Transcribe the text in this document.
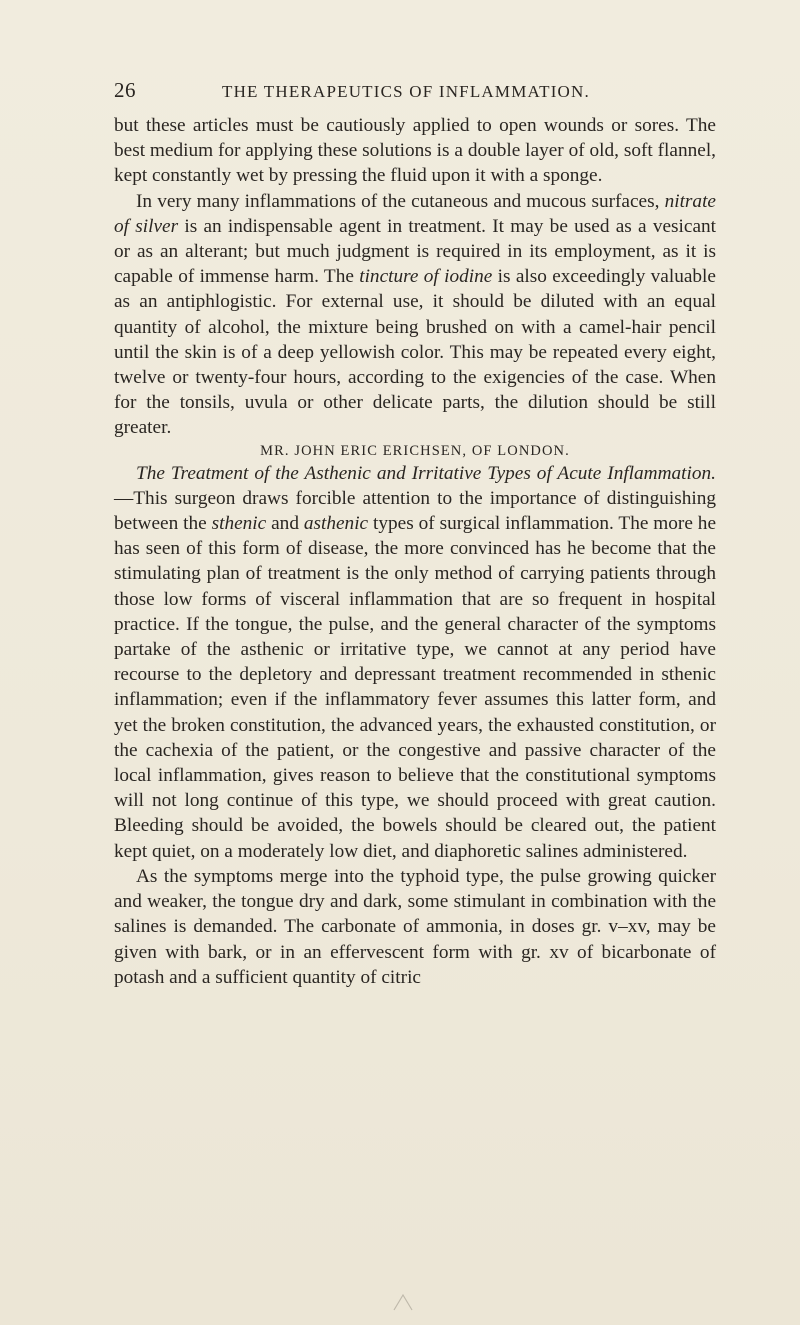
26	THE THERAPEUTICS OF INFLAMMATION.

but these articles must be cautiously applied to open wounds or sores. The best medium for applying these solutions is a double layer of old, soft flannel, kept constantly wet by pressing the fluid upon it with a sponge.

In very many inflammations of the cutaneous and mucous surfaces, nitrate of silver is an indispensable agent in treatment. It may be used as a vesicant or as an alterant; but much judgment is required in its employment, as it is capable of immense harm. The tincture of iodine is also exceedingly valuable as an antiphlogistic. For external use, it should be diluted with an equal quantity of alcohol, the mixture being brushed on with a camel-hair pencil until the skin is of a deep yellowish color. This may be repeated every eight, twelve or twenty-four hours, according to the exigencies of the case. When for the tonsils, uvula or other delicate parts, the dilution should be still greater.

MR. JOHN ERIC ERICHSEN, OF LONDON.

The Treatment of the Asthenic and Irritative Types of Acute Inflammation.—This surgeon draws forcible attention to the importance of distinguishing between the sthenic and asthenic types of surgical inflammation. The more he has seen of this form of disease, the more convinced has he become that the stimulating plan of treatment is the only method of carrying patients through those low forms of visceral inflammation that are so frequent in hospital practice. If the tongue, the pulse, and the general character of the symptoms partake of the asthenic or irritative type, we cannot at any period have recourse to the depletory and depressant treatment recommended in sthenic inflammation; even if the inflammatory fever assumes this latter form, and yet the broken constitution, the advanced years, the exhausted constitution, or the cachexia of the patient, or the congestive and passive character of the local inflammation, gives reason to believe that the constitutional symptoms will not long continue of this type, we should proceed with great caution. Bleeding should be avoided, the bowels should be cleared out, the patient kept quiet, on a moderately low diet, and diaphoretic salines administered.

As the symptoms merge into the typhoid type, the pulse growing quicker and weaker, the tongue dry and dark, some stimulant in combination with the salines is demanded. The carbonate of ammonia, in doses gr. v–xv, may be given with bark, or in an effervescent form with gr. xv of bicarbonate of potash and a sufficient quantity of citric
